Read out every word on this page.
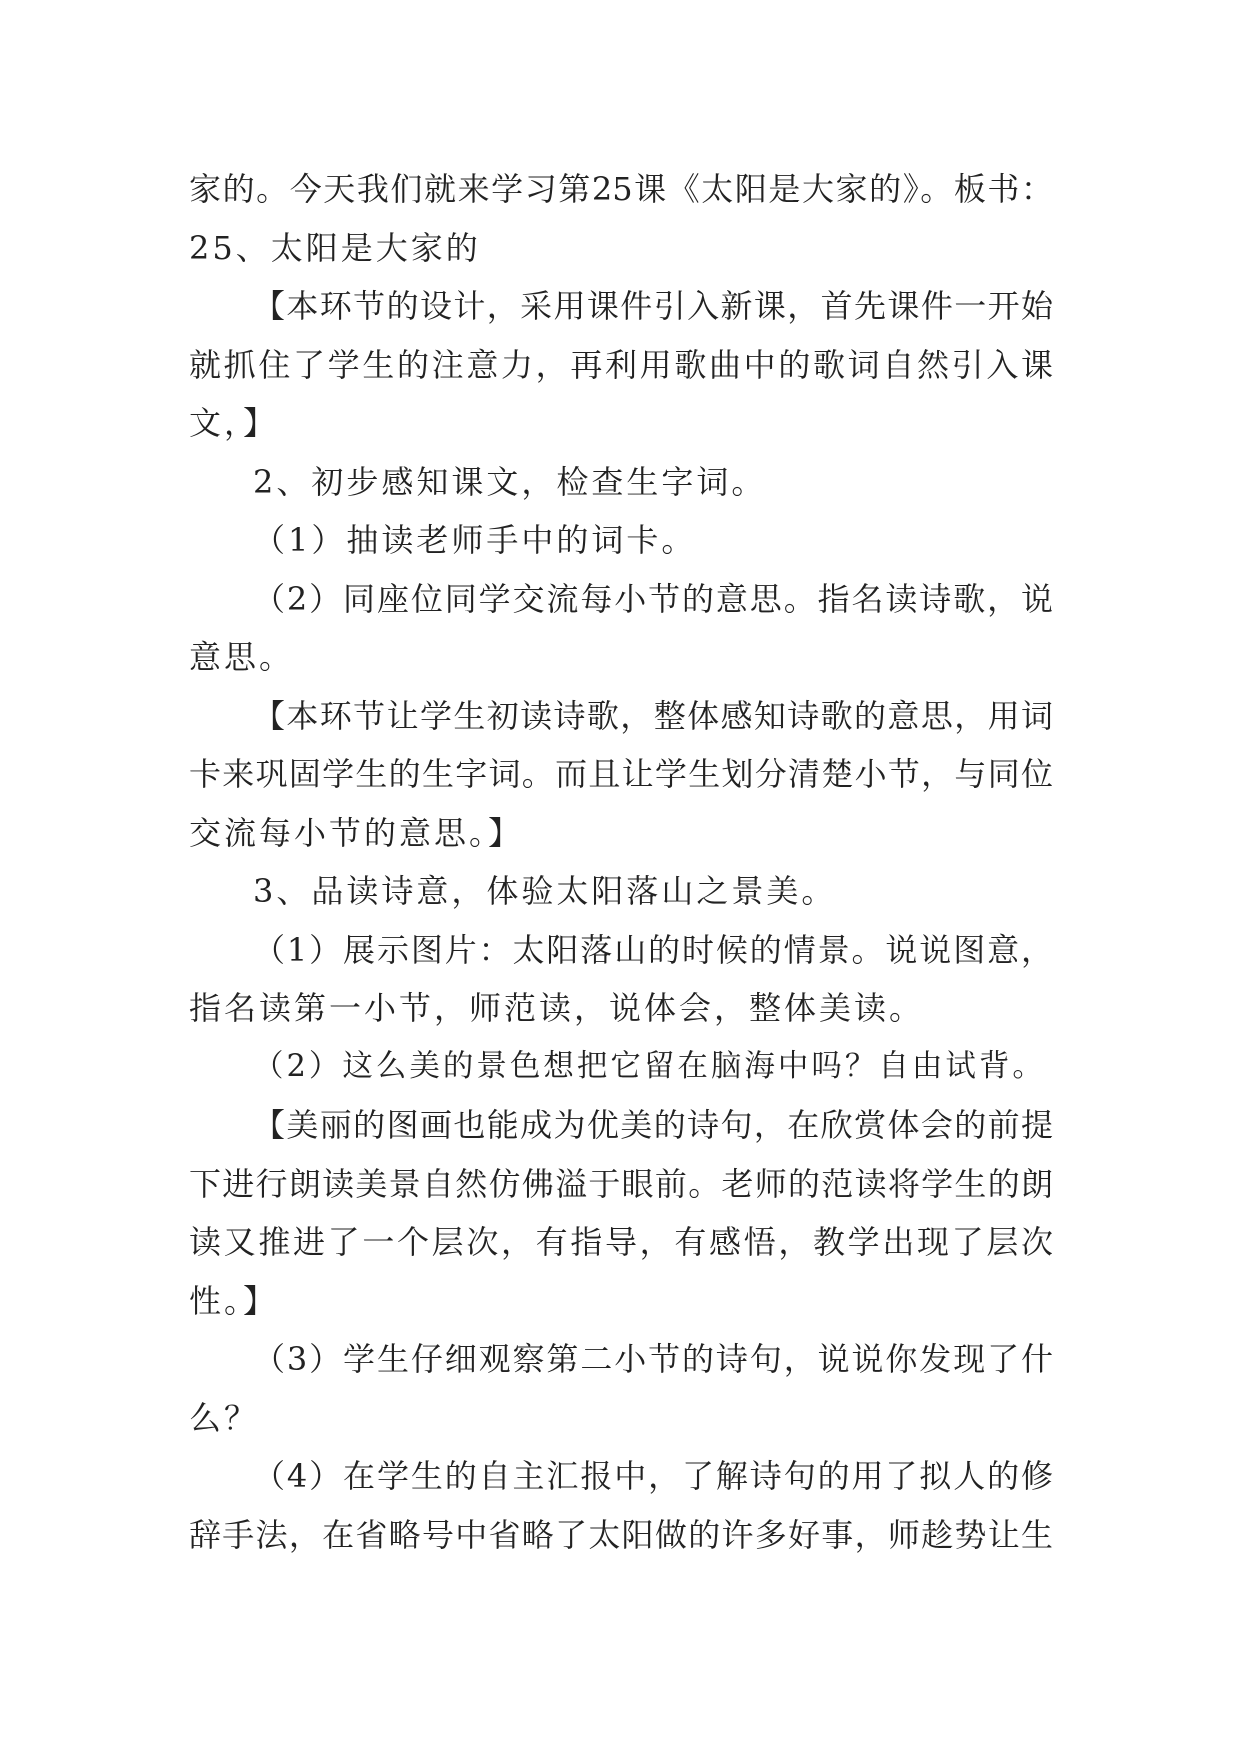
家的。今天我们就来学习第25课《太阳是大家的》。板书：
25、太阳是大家的
【本环节的设计，采用课件引入新课，首先课件一开始
就抓住了学生的注意力，再利用歌曲中的歌词自然引入课
文，】
2、初步感知课文，检查生字词。
（1）抽读老师手中的词卡。
（2）同座位同学交流每小节的意思。指名读诗歌，说
意思。
【本环节让学生初读诗歌，整体感知诗歌的意思，用词
卡来巩固学生的生字词。而且让学生划分清楚小节，与同位
交流每小节的意思。】
3、品读诗意，体验太阳落山之景美。
（1）展示图片：太阳落山的时候的情景。说说图意，
指名读第一小节，师范读，说体会，整体美读。
（2）这么美的景色想把它留在脑海中吗？自由试背。
【美丽的图画也能成为优美的诗句，在欣赏体会的前提
下进行朗读美景自然仿佛溢于眼前。老师的范读将学生的朗
读又推进了一个层次，有指导，有感悟，教学出现了层次
性。】
（3）学生仔细观察第二小节的诗句，说说你发现了什
么？
（4）在学生的自主汇报中，了解诗句的用了拟人的修
辞手法，在省略号中省略了太阳做的许多好事，师趁势让生
